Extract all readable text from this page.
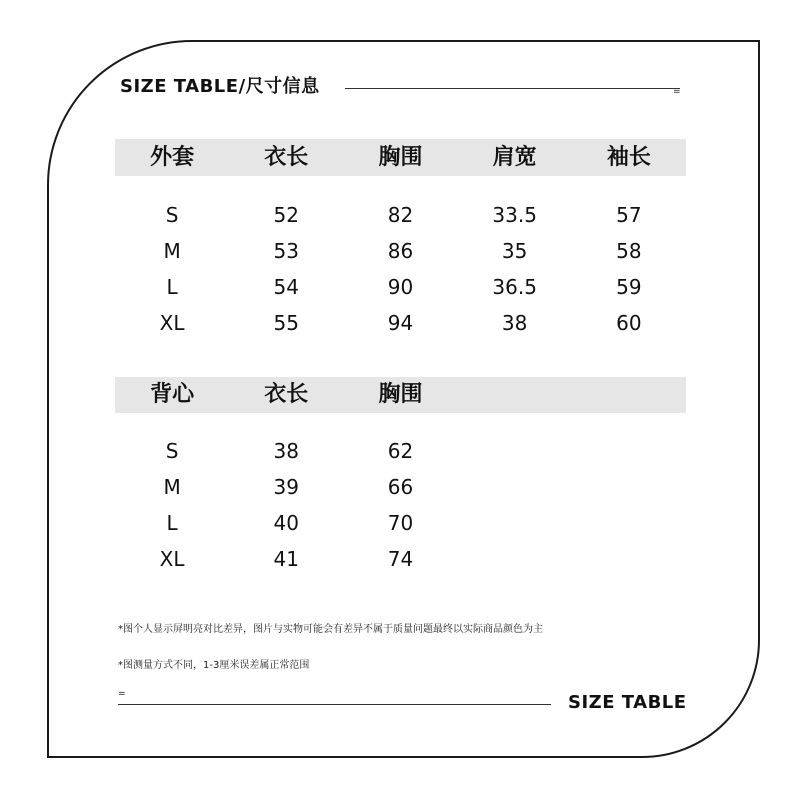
SIZE TABLE/尺寸信息	=
外套	衣长	胸围	肩宽	袖长
S	52	82	33.5	57
M	53	86	35	58
L	54	90	36.5	59
XL	55	94	38	60
背心	衣长	胸围
S	38	62
M	39	66
L	40	70
XL	41	74
*图个人显示屏明亮对比差异，图片与实物可能会有差异不属于质量问题最终以实际商品颜色为主
*图测量方式不同，1-3厘米误差属正常范围
=	SIZE TABLE
